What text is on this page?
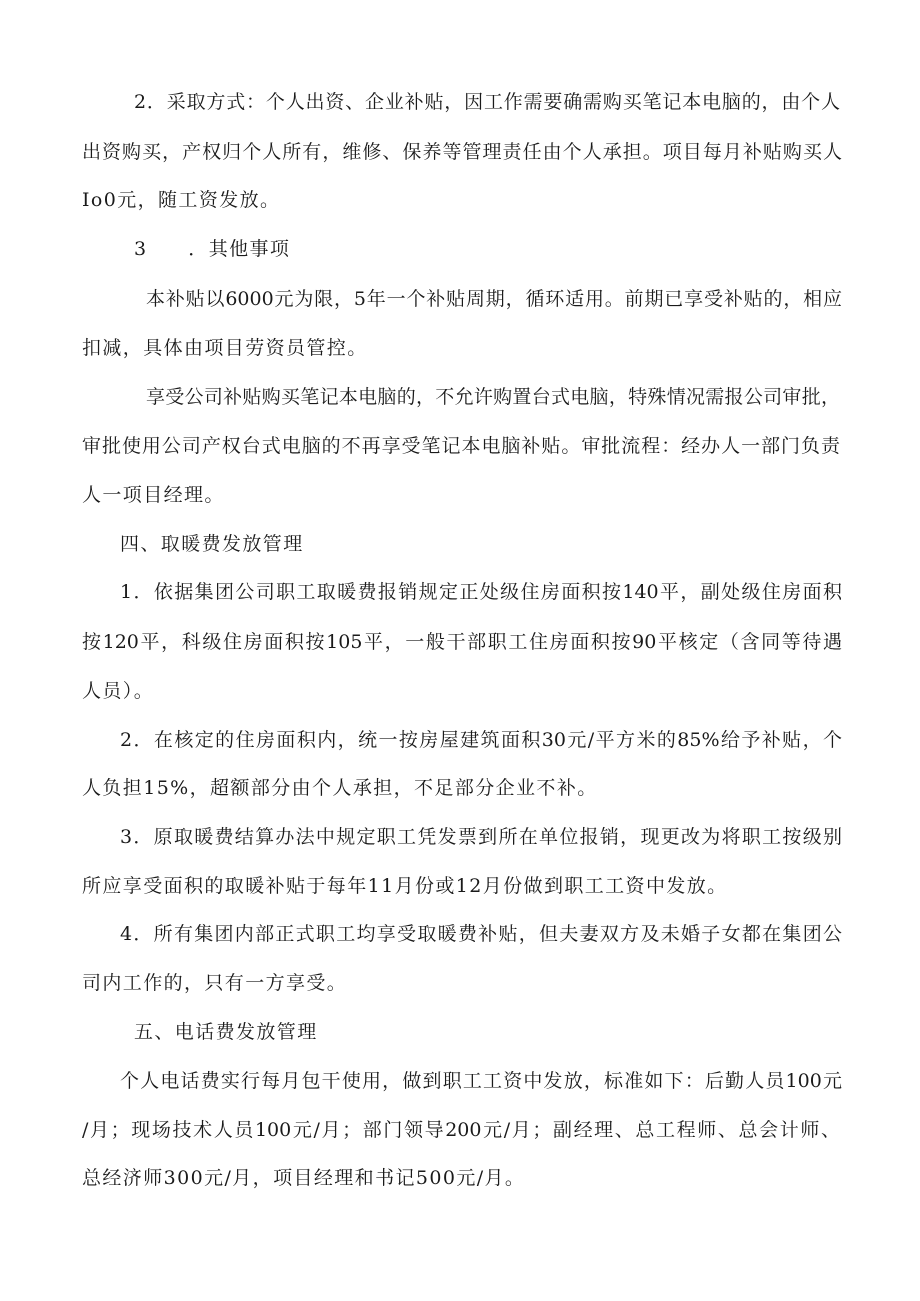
2．采取方式：个人出资、企业补贴，因工作需要确需购买笔记本电脑的，由个人
出资购买，产权归个人所有，维修、保养等管理责任由个人承担。项目每月补贴购买人
Io0元，随工资发放。
3　　．其他事项
本补贴以6000元为限，5年一个补贴周期，循环适用。前期已享受补贴的，相应
扣减，具体由项目劳资员管控。
享受公司补贴购买笔记本电脑的，不允许购置台式电脑，特殊情况需报公司审批，
审批使用公司产权台式电脑的不再享受笔记本电脑补贴。审批流程：经办人一部门负责
人一项目经理。
四、取暖费发放管理
1．依据集团公司职工取暖费报销规定正处级住房面积按140平，副处级住房面积
按120平，科级住房面积按105平，一般干部职工住房面积按90平核定（含同等待遇
人员）。
2．在核定的住房面积内，统一按房屋建筑面积30元/平方米的85%给予补贴，个
人负担15%，超额部分由个人承担，不足部分企业不补。
3．原取暖费结算办法中规定职工凭发票到所在单位报销，现更改为将职工按级别
所应享受面积的取暖补贴于每年11月份或12月份做到职工工资中发放。
4．所有集团内部正式职工均享受取暖费补贴，但夫妻双方及未婚子女都在集团公
司内工作的，只有一方享受。
五、电话费发放管理
个人电话费实行每月包干使用，做到职工工资中发放，标准如下：后勤人员100元
/月；现场技术人员100元/月；部门领导200元/月；副经理、总工程师、总会计师、
总经济师300元/月，项目经理和书记500元/月。
